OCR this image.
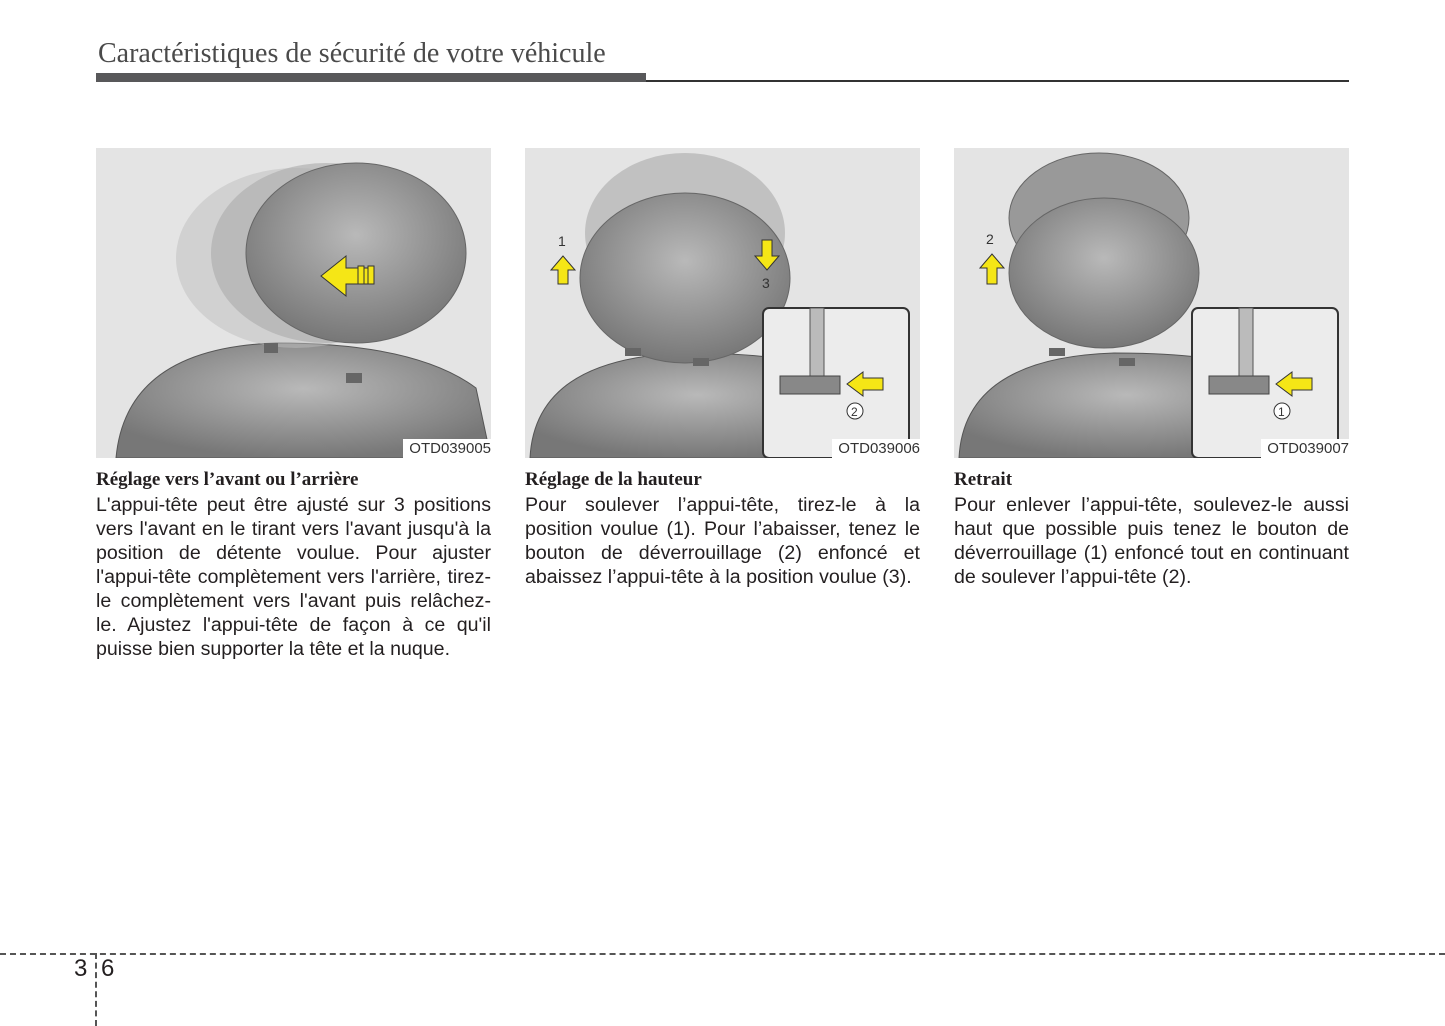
Caractéristiques de sécurité de votre véhicule
OTD039005
Réglage vers l’avant ou l’arrière
L'appui-tête peut être ajusté sur 3 positions vers l'avant en le tirant vers l'avant jusqu'à la position de détente voulue. Pour ajuster l'appui-tête complètement vers l'arrière, tirez-le complètement vers l'avant puis relâchez-le. Ajustez l'appui-tête de façon à ce qu'il puisse bien supporter la tête et la nuque.
1
3
2
OTD039006
Réglage de la hauteur
Pour soulever l’appui-tête, tirez-le à la position voulue (1). Pour l’abaisser, tenez le bouton de déverrouillage (2) enfoncé et abaissez l’appui-tête à la position voulue (3).
2
1
OTD039007
Retrait
Pour enlever l’appui-tête, soulevez-le aussi haut que possible puis tenez le bouton de déverrouillage (1) enfoncé tout en continuant de soulever l’appui-tête (2).
3 6
